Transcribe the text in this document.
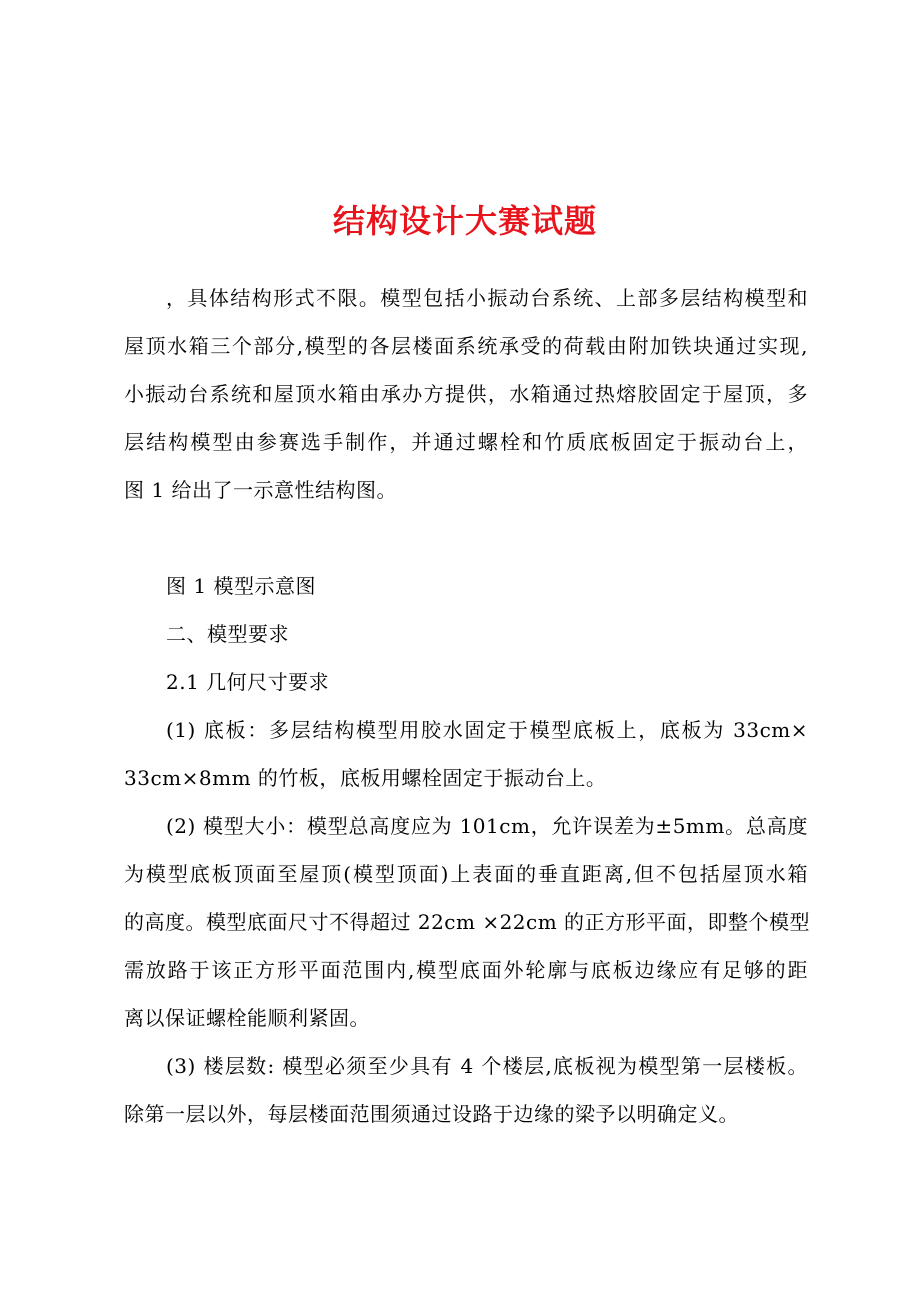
结构设计大赛试题
，具体结构形式不限。模型包括小振动台系统、上部多层结构模型和
屋顶水箱三个部分,模型的各层楼面系统承受的荷载由附加铁块通过实现,
小振动台系统和屋顶水箱由承办方提供，水箱通过热熔胶固定于屋顶，多
层结构模型由参赛选手制作，并通过螺栓和竹质底板固定于振动台上，
图 1 给出了一示意性结构图。
图 1 模型示意图
二、模型要求
2.1 几何尺寸要求
(1) 底板：多层结构模型用胶水固定于模型底板上，底板为 33cm×
33cm×8mm 的竹板，底板用螺栓固定于振动台上。
(2) 模型大小：模型总高度应为 101cm，允许误差为±5mm。总高度
为模型底板顶面至屋顶(模型顶面)上表面的垂直距离,但不包括屋顶水箱
的高度。模型底面尺寸不得超过 22cm ×22cm 的正方形平面，即整个模型
需放路于该正方形平面范围内,模型底面外轮廓与底板边缘应有足够的距
离以保证螺栓能顺利紧固。
(3) 楼层数: 模型必须至少具有 4 个楼层,底板视为模型第一层楼板。
除第一层以外，每层楼面范围须通过设路于边缘的梁予以明确定义。
